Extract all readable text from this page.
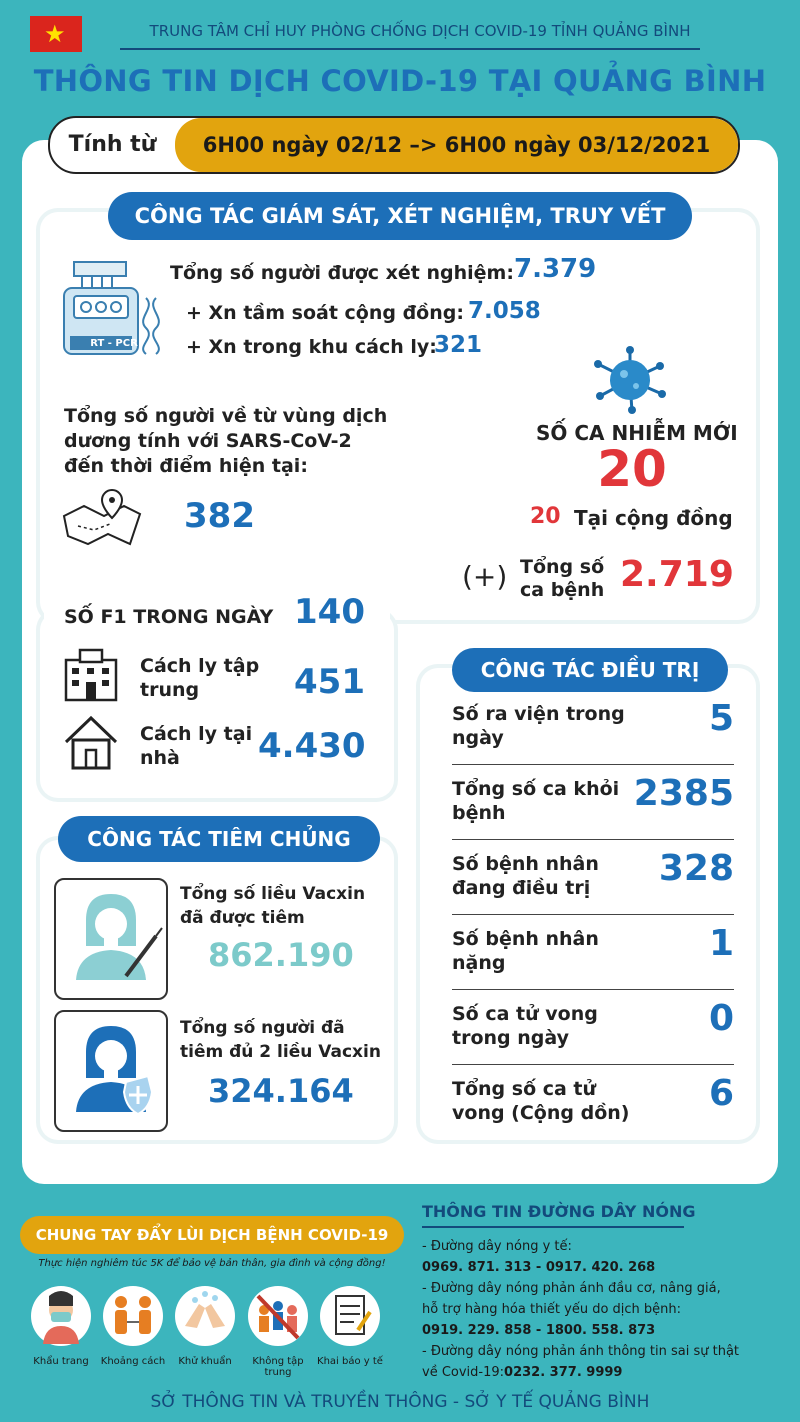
★	TRUNG TÂM CHỈ HUY PHÒNG CHỐNG DỊCH COVID-19 TỈNH QUẢNG BÌNH
THÔNG TIN DỊCH COVID-19 TẠI QUẢNG BÌNH
Tính từ	6H00 ngày 02/12 –> 6H00 ngày 03/12/2021
CÔNG TÁC GIÁM SÁT, XÉT NGHIỆM, TRUY VẾT
RT - PCR
Tổng số người được xét nghiệm: 7.379
+ Xn tầm soát cộng đồng: 7.058
+ Xn trong khu cách ly:
321
Tổng số người về từ vùng dịch dương tính với SARS-CoV-2 đến thời điểm hiện tại:
382
SỐ CA NHIỄM MỚI
20
20 Tại cộng đồng
(+) Tổng số ca bệnh 2.719
SỐ F1 TRONG NGÀY 140
Cách ly tập trung	451
Cách ly tại nhà	4.430
CÔNG TÁC ĐIỀU TRỊ
Số ra viện trong ngày	5
Tổng số ca khỏi bệnh	2385
Số bệnh nhân đang điều trị	328
Số bệnh nhân nặng	1
Số ca tử vong trong ngày	0
Tổng số ca tử vong (Cộng dồn)	6
CÔNG TÁC TIÊM CHỦNG
Tổng số liều Vacxin đã được tiêm
862.190
Tổng số người đã tiêm đủ 2 liều Vacxin
324.164
CHUNG TAY ĐẨY LÙI DỊCH BỆNH COVID-19
Thực hiện nghiêm túc 5K để bảo vệ bản thân, gia đình và cộng đồng!
Khẩu trang	Khoảng cách	Khử khuẩn	Không tập trung
Khai báo y tế
THÔNG TIN ĐƯỜNG DÂY NÓNG
- Đường dây nóng y tế:
0969. 871. 313 - 0917. 420. 268
- Đường dây nóng phản ánh đầu cơ, nâng giá,
hỗ trợ hàng hóa thiết yếu do dịch bệnh:
0919. 229. 858 - 1800. 558. 873
- Đường dây nóng phản ánh thông tin sai sự thật
về Covid-19:0232. 377. 9999
SỞ THÔNG TIN VÀ TRUYỀN THÔNG - SỞ Y TẾ QUẢNG BÌNH
